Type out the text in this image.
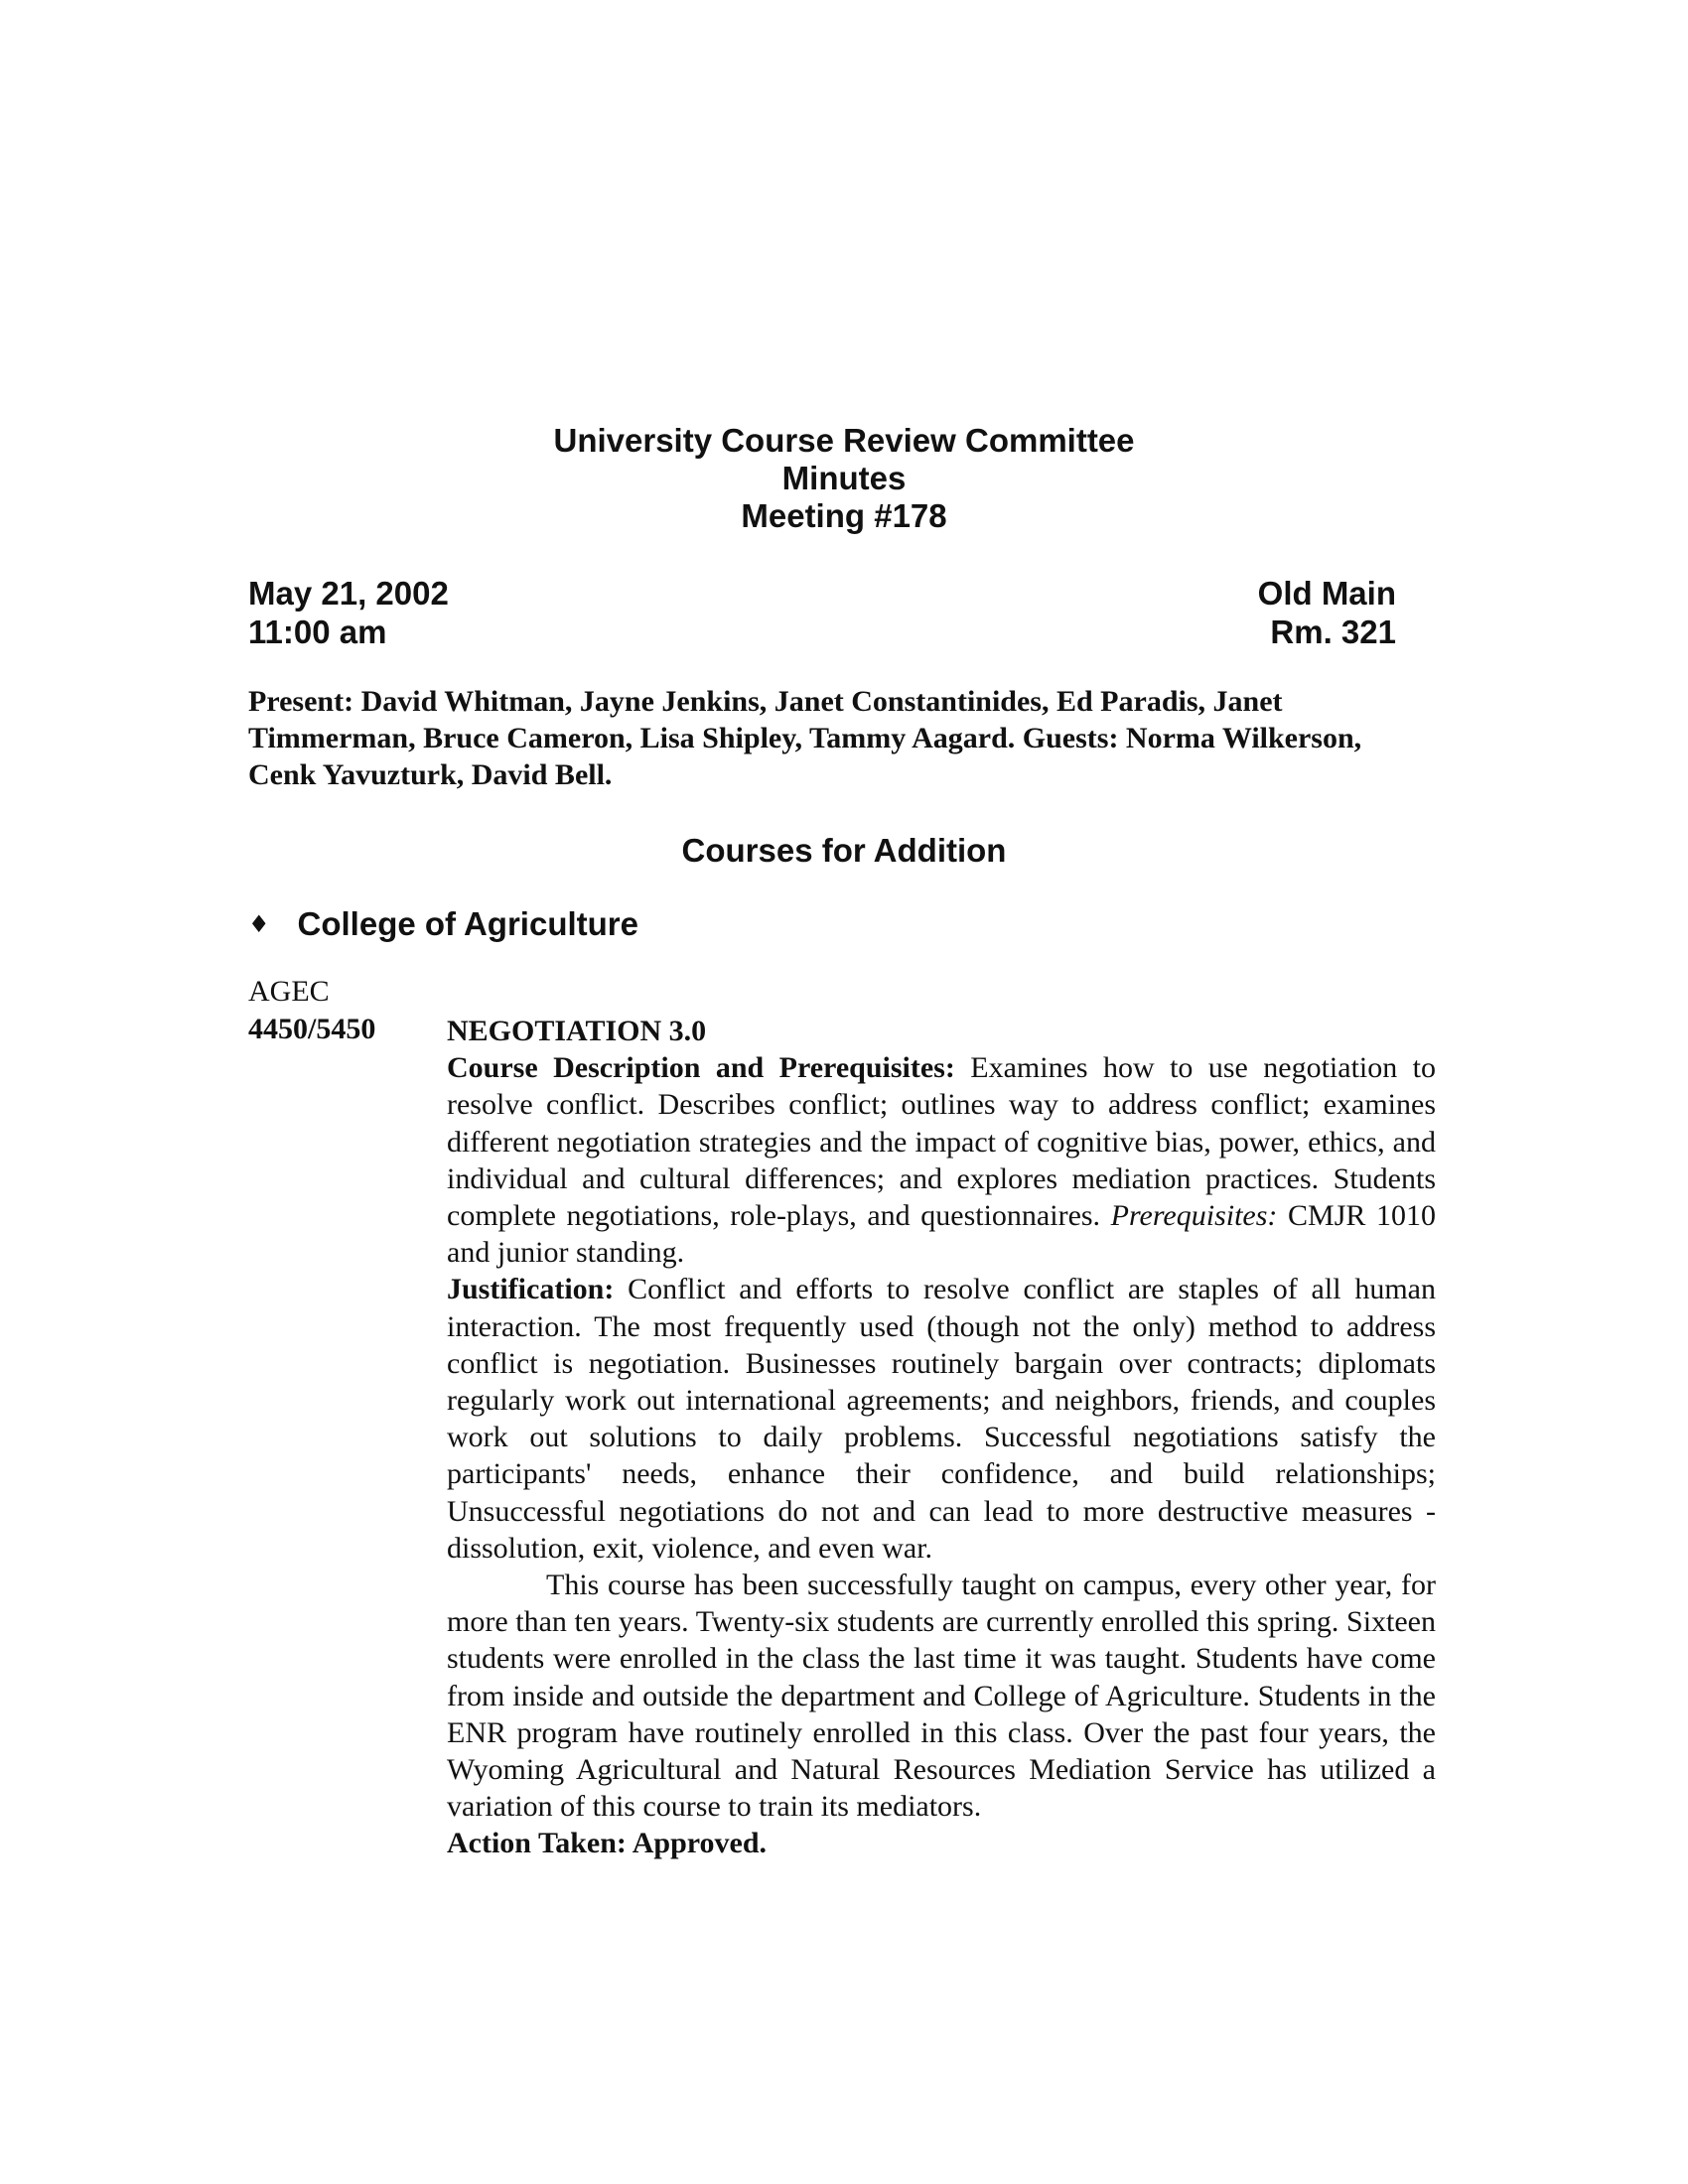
University Course Review Committee
Minutes
Meeting #178
May 21, 2002
11:00 am
Old Main
Rm. 321
Present: David Whitman, Jayne Jenkins, Janet Constantinides, Ed Paradis, Janet Timmerman, Bruce Cameron, Lisa Shipley, Tammy Aagard. Guests: Norma Wilkerson, Cenk Yavuzturk, David Bell.
Courses for Addition
♦ College of Agriculture
AGEC
4450/5450 NEGOTIATION 3.0

Course Description and Prerequisites: Examines how to use negotiation to resolve conflict. Describes conflict; outlines way to address conflict; examines different negotiation strategies and the impact of cognitive bias, power, ethics, and individual and cultural differences; and explores mediation practices. Students complete negotiations, role-plays, and questionnaires. Prerequisites: CMJR 1010 and junior standing.

Justification: Conflict and efforts to resolve conflict are staples of all human interaction. The most frequently used (though not the only) method to address conflict is negotiation. Businesses routinely bargain over contracts; diplomats regularly work out international agreements; and neighbors, friends, and couples work out solutions to daily problems. Successful negotiations satisfy the participants' needs, enhance their confidence, and build relationships; Unsuccessful negotiations do not and can lead to more destructive measures - dissolution, exit, violence, and even war.

This course has been successfully taught on campus, every other year, for more than ten years. Twenty-six students are currently enrolled this spring. Sixteen students were enrolled in the class the last time it was taught. Students have come from inside and outside the department and College of Agriculture. Students in the ENR program have routinely enrolled in this class. Over the past four years, the Wyoming Agricultural and Natural Resources Mediation Service has utilized a variation of this course to train its mediators.

Action Taken: Approved.
